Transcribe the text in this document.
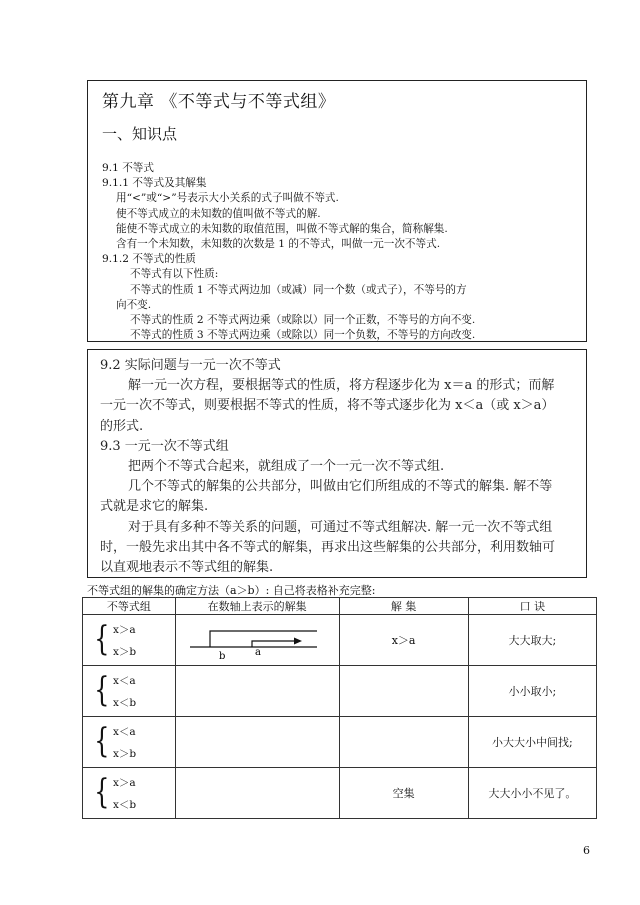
第九章 《不等式与不等式组》
一、知识点
9.1 不等式
9.1.1 不等式及其解集
用“<”或“>”号表示大小关系的式子叫做不等式.
使不等式成立的未知数的值叫做不等式的解.
能使不等式成立的未知数的取值范围，叫做不等式解的集合，简称解集.
含有一个未知数，未知数的次数是 1 的不等式，叫做一元一次不等式.
9.1.2 不等式的性质
不等式有以下性质:
不等式的性质 1 不等式两边加（或减）同一个数（或式子），不等号的方
向不变.
不等式的性质 2 不等式两边乘（或除以）同一个正数，不等号的方向不变.
不等式的性质 3 不等式两边乘（或除以）同一个负数，不等号的方向改变.
9.2 实际问题与一元一次不等式
解一元一次方程，要根据等式的性质，将方程逐步化为 x＝a 的形式；而解
一元一次不等式，则要根据不等式的性质，将不等式逐步化为 x＜a（或 x＞a）
的形式.
9.3 一元一次不等式组
把两个不等式合起来，就组成了一个一元一次不等式组.
几个不等式的解集的公共部分，叫做由它们所组成的不等式的解集. 解不等
式就是求它的解集.
对于具有多种不等关系的问题，可通过不等式组解决. 解一元一次不等式组
时，一般先求出其中各不等式的解集，再求出这些解集的公共部分，利用数轴可
以直观地表示不等式组的解集.
不等式组的解集的确定方法（a＞b）: 自己将表格补充完整:
不等式组	在数轴上表示的解集	解 集	口 诀

{ x＞a
x＞b	b a	x＞a	大大取大;

{ x＜a
x＜b			小小取小;

{ x＜a
x＞b			小大大小中间找;

{ x＞a
x＜b		空集	大大小小不见了。
6
